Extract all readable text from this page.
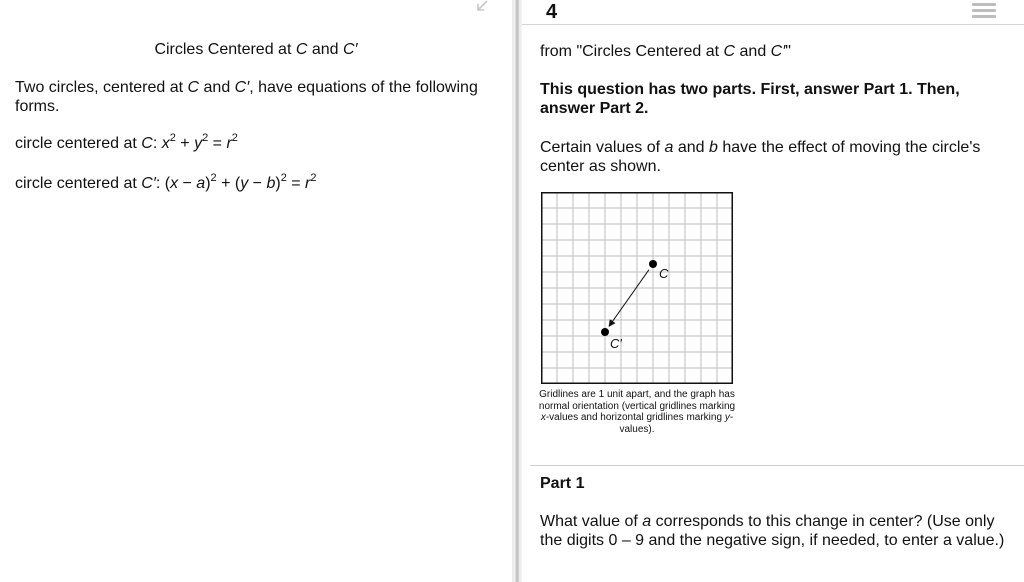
Circles Centered at C and C′
Two circles, centered at C and C′, have equations of the following forms.
circle centered at C: $x^2 + y^2 = r^2$
circle centered at C′: $(x - a)^2 + (y - b)^2 = r^2$
4
from "Circles Centered at C and C′"
This question has two parts. First, answer Part 1. Then, answer Part 2.
Certain values of a and b have the effect of moving the circle's center as shown.
C
C′
Gridlines are 1 unit apart, and the graph has normal orientation (vertical gridlines marking x-values and horizontal gridlines marking y-values).
Part 1
What value of a corresponds to this change in center? (Use only the digits 0 – 9 and the negative sign, if needed, to enter a value.)
